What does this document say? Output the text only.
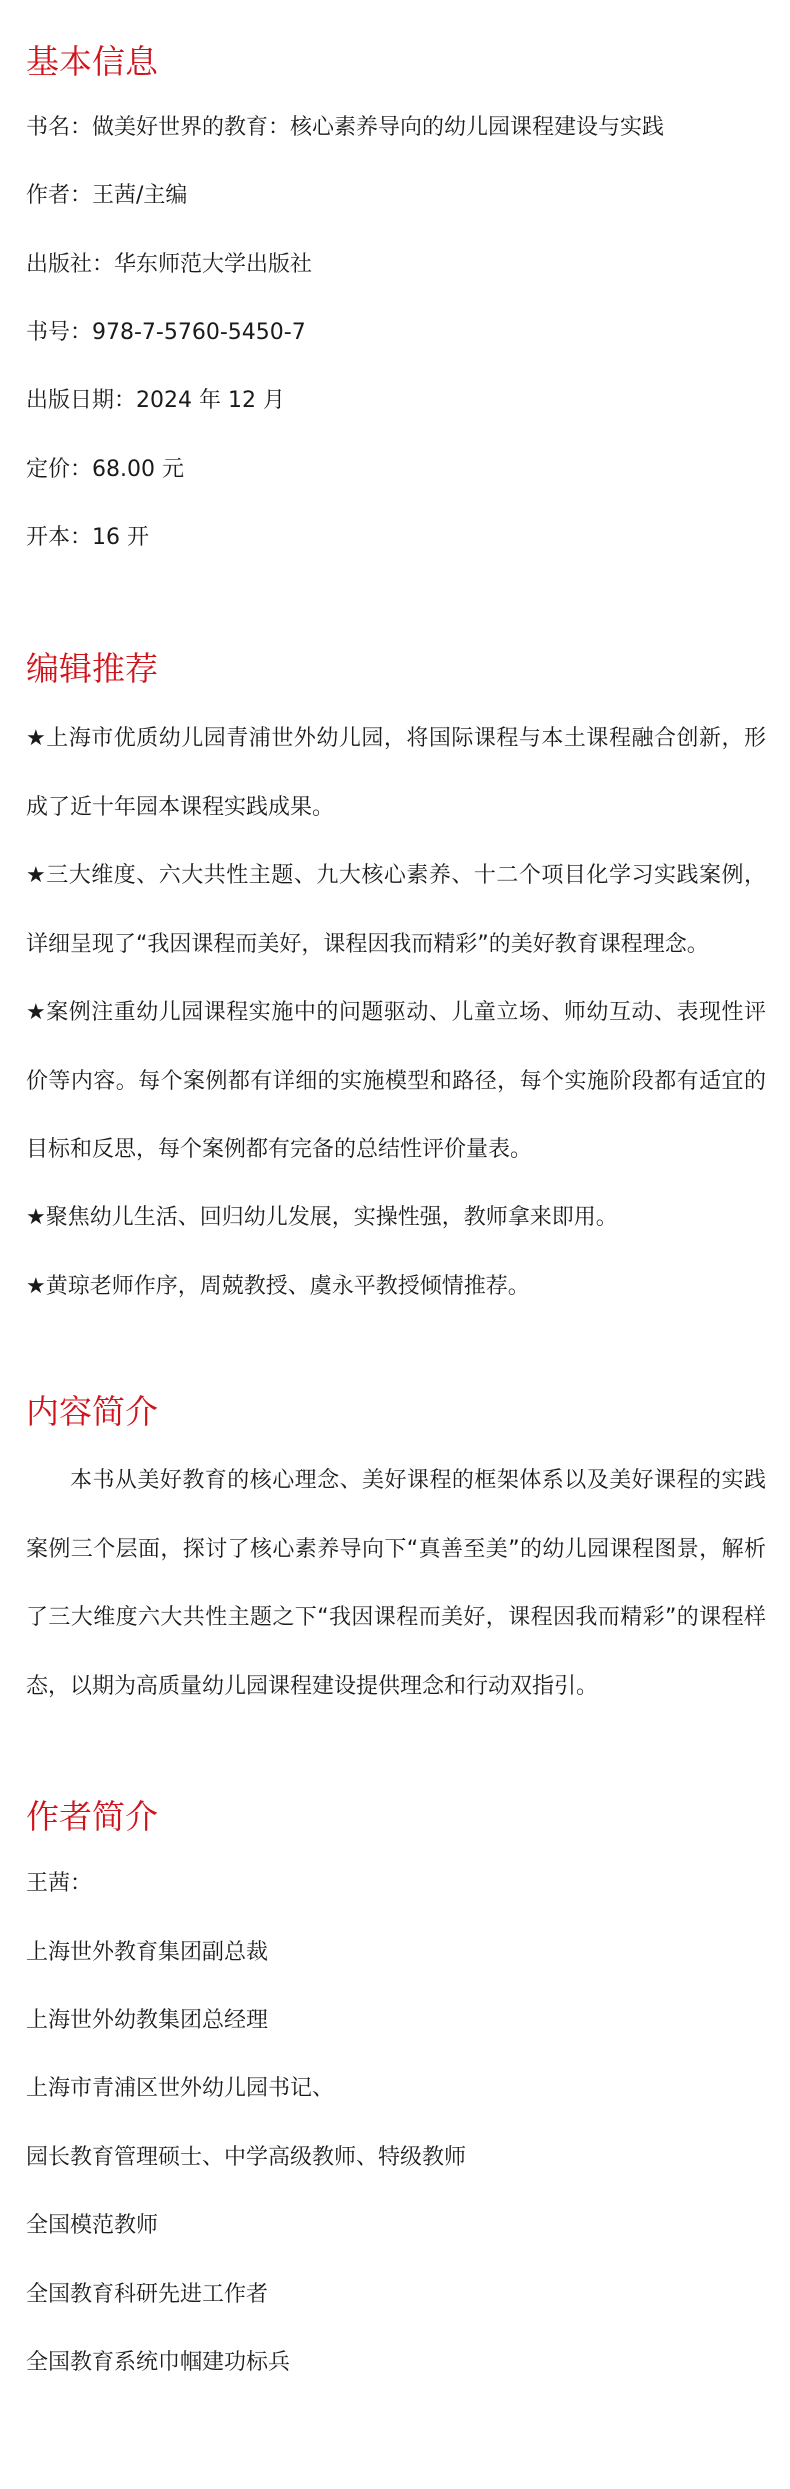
基本信息

书名：做美好世界的教育：核心素养导向的幼儿园课程建设与实践

作者：王茜/主编

出版社：华东师范大学出版社

书号：978-7-5760-5450-7

出版日期：2024 年 12 月

定价：68.00 元

开本：16 开

编辑推荐

★上海市优质幼儿园青浦世外幼儿园，将国际课程与本土课程融合创新，形成了近十年园本课程实践成果。

★三大维度、六大共性主题、九大核心素养、十二个项目化学习实践案例，详细呈现了“我因课程而美好，课程因我而精彩”的美好教育课程理念。

★案例注重幼儿园课程实施中的问题驱动、儿童立场、师幼互动、表现性评价等内容。每个案例都有详细的实施模型和路径，每个实施阶段都有适宜的目标和反思，每个案例都有完备的总结性评价量表。

★聚焦幼儿生活、回归幼儿发展，实操性强，教师拿来即用。

★黄琼老师作序，周兢教授、虞永平教授倾情推荐。

内容简介

本书从美好教育的核心理念、美好课程的框架体系以及美好课程的实践案例三个层面，探讨了核心素养导向下“真善至美”的幼儿园课程图景，解析了三大维度六大共性主题之下“我因课程而美好，课程因我而精彩”的课程样态，以期为高质量幼儿园课程建设提供理念和行动双指引。

作者简介

王茜：

上海世外教育集团副总裁

上海世外幼教集团总经理

上海市青浦区世外幼儿园书记、

园长教育管理硕士、中学高级教师、特级教师

全国模范教师

全国教育科研先进工作者

全国教育系统巾帼建功标兵
